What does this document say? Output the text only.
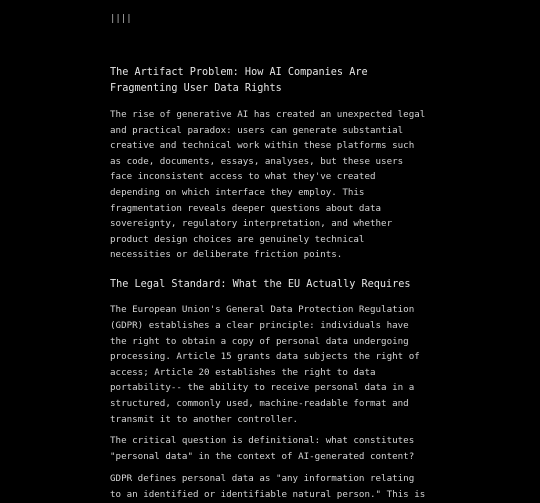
||||
The Artifact Problem: How AI Companies Are Fragmenting User Data Rights

The rise of generative AI has created an unexpected legal and practical paradox: users can generate substantial creative and technical work within these platforms such as code, documents, essays, analyses, but these users face inconsistent access to what they've created depending on which interface they employ. This fragmentation reveals deeper questions about data sovereignty, regulatory interpretation, and whether product design choices are genuinely technical necessities or deliberate friction points.

The Legal Standard: What the EU Actually Requires

The European Union's General Data Protection Regulation (GDPR) establishes a clear principle: individuals have the right to obtain a copy of personal data undergoing processing. Article 15 grants data subjects the right of access; Article 20 establishes the right to data portability-- the ability to receive personal data in a structured, commonly used, machine-readable format and transmit it to another controller.

The critical question is definitional: what constitutes "personal data" in the context of AI-generated content?

GDPR defines personal data as "any information relating to an identified or identifiable natural person." This is
